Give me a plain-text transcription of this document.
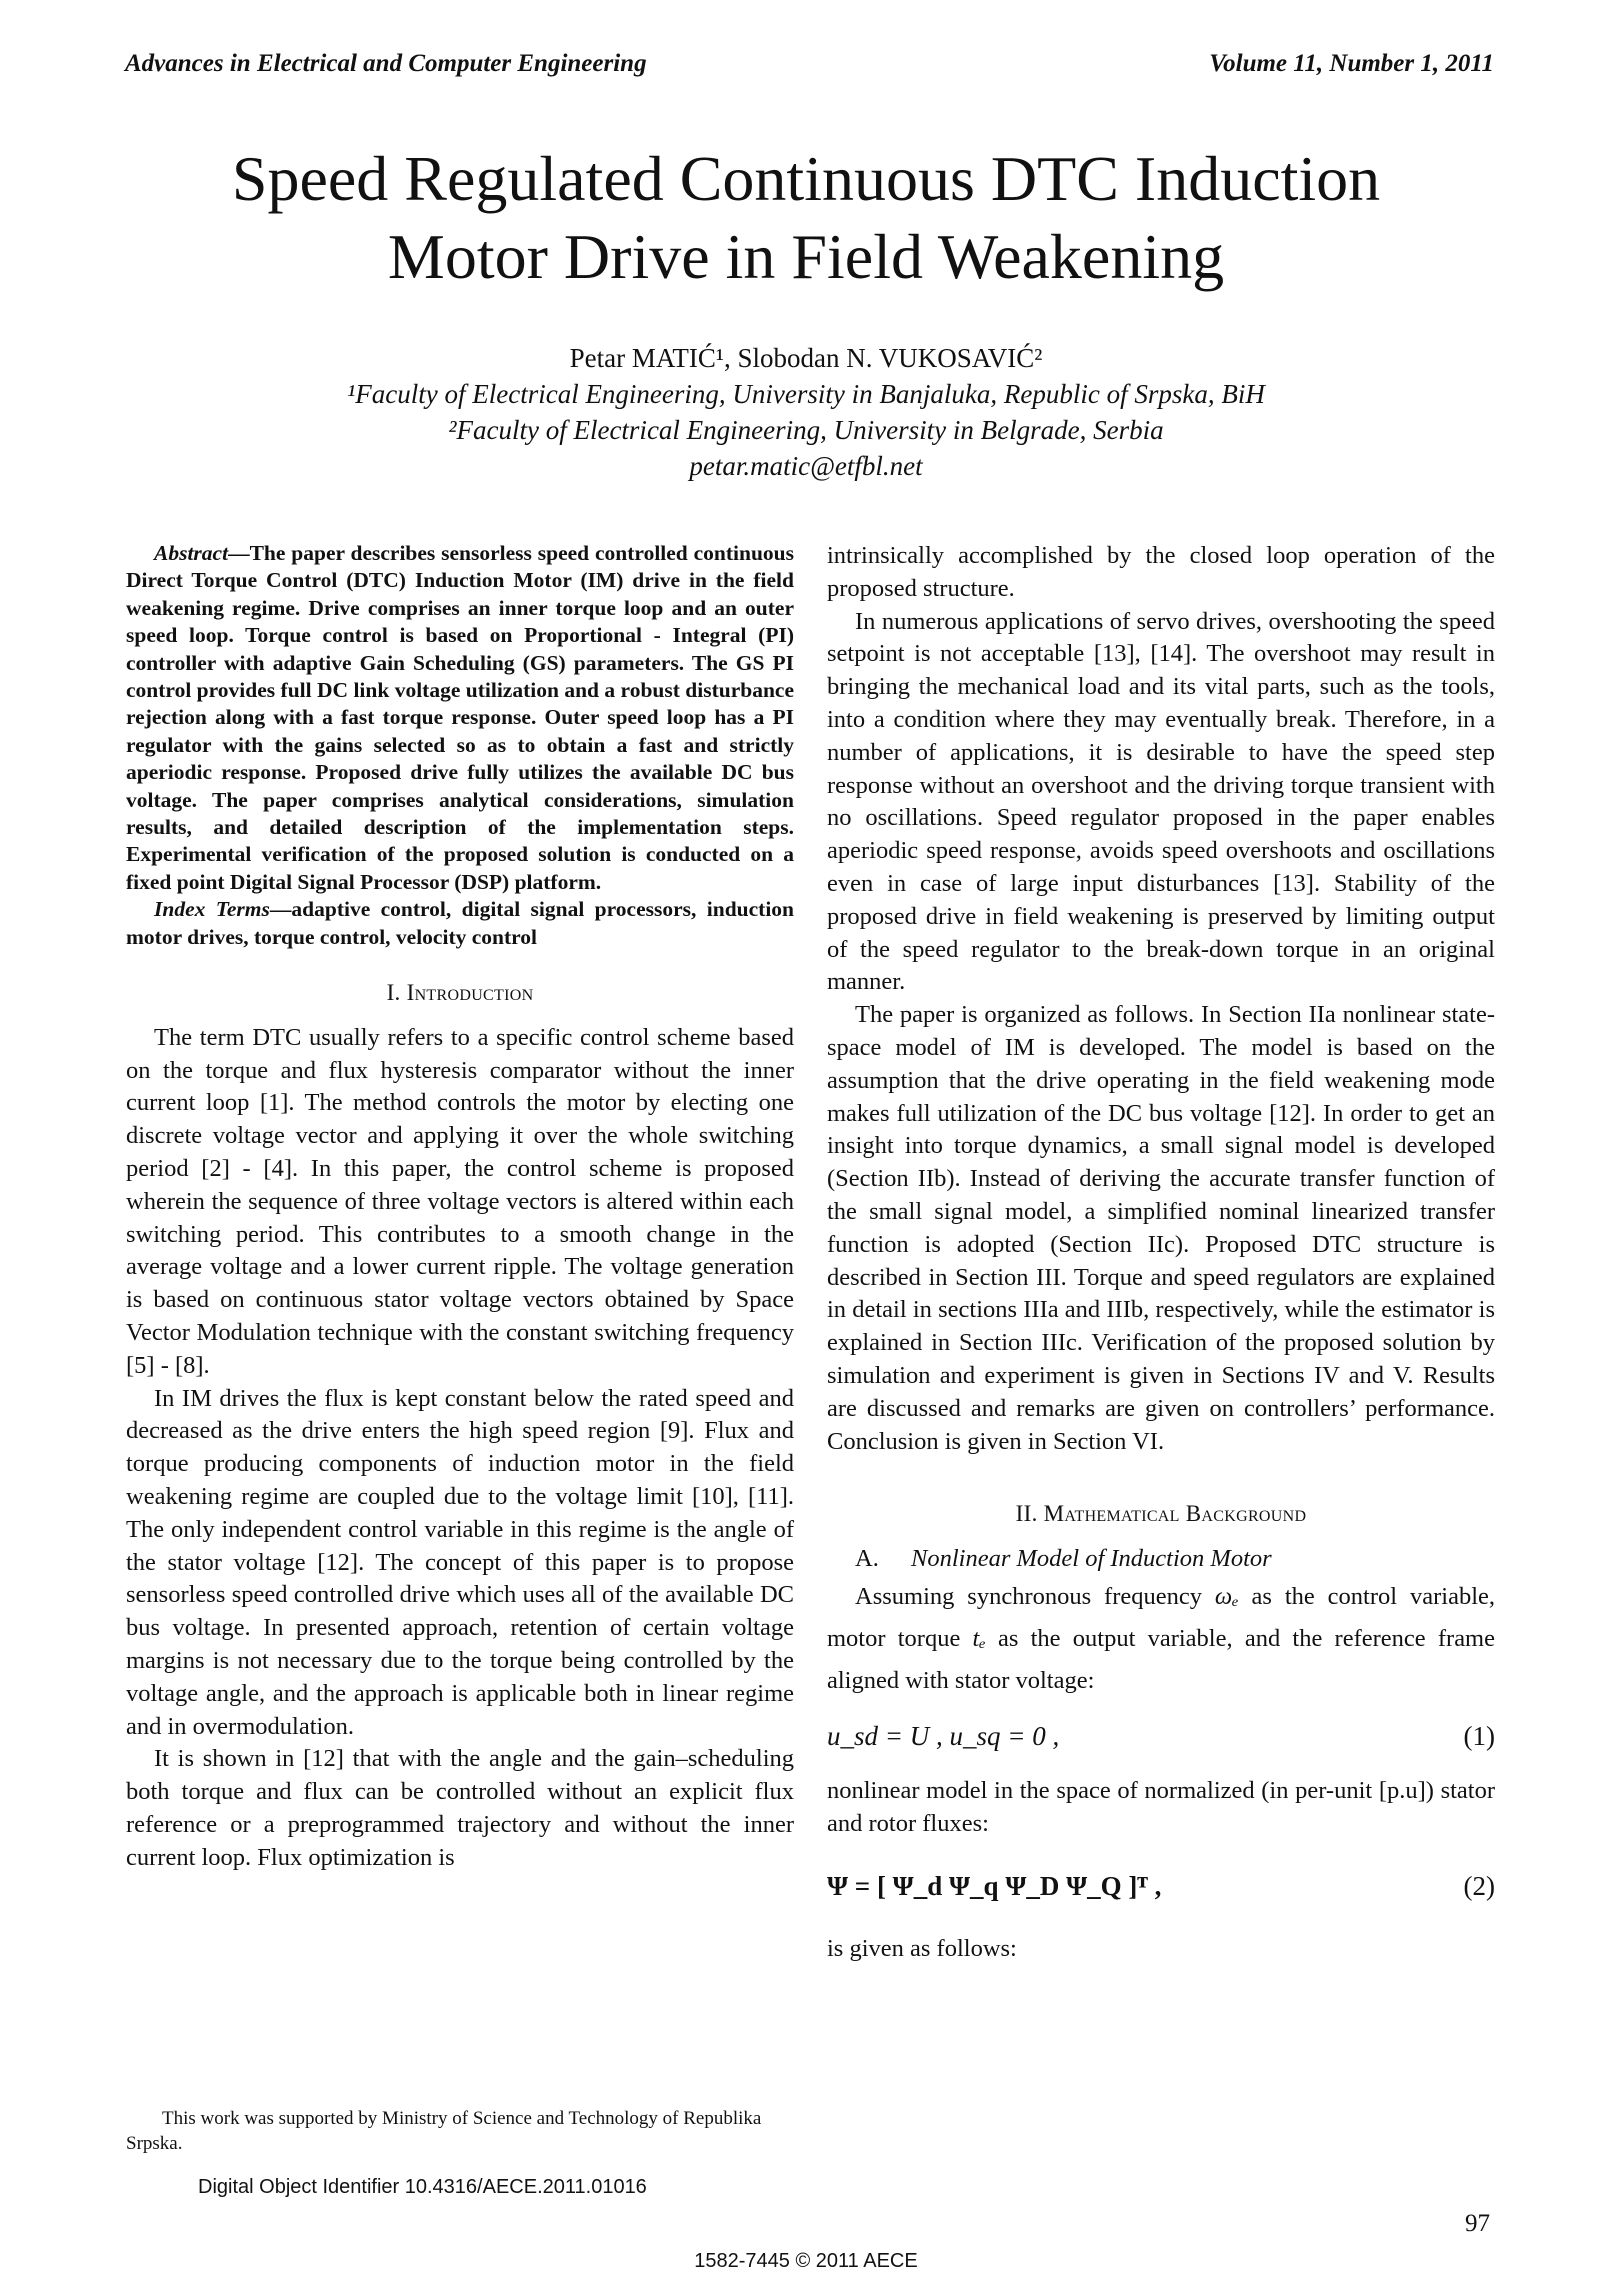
Advances in Electrical and Computer Engineering	Volume 11, Number 1, 2011
Speed Regulated Continuous DTC Induction
Motor Drive in Field Weakening
Petar MATIĆ¹, Slobodan N. VUKOSAVIĆ²
¹Faculty of Electrical Engineering, University in Banjaluka, Republic of Srpska, BiH
²Faculty of Electrical Engineering, University in Belgrade, Serbia
petar.matic@etfbl.net

Abstract—The paper describes sensorless speed controlled continuous Direct Torque Control (DTC) Induction Motor (IM) drive in the field weakening regime. Drive comprises an inner torque loop and an outer speed loop. Torque control is based on Proportional - Integral (PI) controller with adaptive Gain Scheduling (GS) parameters. The GS PI control provides full DC link voltage utilization and a robust disturbance rejection along with a fast torque response. Outer speed loop has a PI regulator with the gains selected so as to obtain a fast and strictly aperiodic response. Proposed drive fully utilizes the available DC bus voltage. The paper comprises analytical considerations, simulation results, and detailed description of the implementation steps. Experimental verification of the proposed solution is conducted on a fixed point Digital Signal Processor (DSP) platform.

Index Terms—adaptive control, digital signal processors, induction motor drives, torque control, velocity control

I. Introduction

The term DTC usually refers to a specific control scheme based on the torque and flux hysteresis comparator without the inner current loop [1]. The method controls the motor by electing one discrete voltage vector and applying it over the whole switching period [2] - [4]. In this paper, the control scheme is proposed wherein the sequence of three voltage vectors is altered within each switching period. This contributes to a smooth change in the average voltage and a lower current ripple. The voltage generation is based on continuous stator voltage vectors obtained by Space Vector Modulation technique with the constant switching frequency [5] - [8].

In IM drives the flux is kept constant below the rated speed and decreased as the drive enters the high speed region [9]. Flux and torque producing components of induction motor in the field weakening regime are coupled due to the voltage limit [10], [11]. The only independent control variable in this regime is the angle of the stator voltage [12]. The concept of this paper is to propose sensorless speed controlled drive which uses all of the available DC bus voltage. In presented approach, retention of certain voltage margins is not necessary due to the torque being controlled by the voltage angle, and the approach is applicable both in linear regime and in overmodulation.

It is shown in [12] that with the angle and the gain–scheduling both torque and flux can be controlled without an explicit flux reference or a preprogrammed trajectory and without the inner current loop. Flux optimization is

intrinsically accomplished by the closed loop operation of the proposed structure.

In numerous applications of servo drives, overshooting the speed setpoint is not acceptable [13], [14]. The overshoot may result in bringing the mechanical load and its vital parts, such as the tools, into a condition where they may eventually break. Therefore, in a number of applications, it is desirable to have the speed step response without an overshoot and the driving torque transient with no oscillations. Speed regulator proposed in the paper enables aperiodic speed response, avoids speed overshoots and oscillations even in case of large input disturbances [13]. Stability of the proposed drive in field weakening is preserved by limiting output of the speed regulator to the break-down torque in an original manner.

The paper is organized as follows. In Section IIa nonlinear state-space model of IM is developed. The model is based on the assumption that the drive operating in the field weakening mode makes full utilization of the DC bus voltage [12]. In order to get an insight into torque dynamics, a small signal model is developed (Section IIb). Instead of deriving the accurate transfer function of the small signal model, a simplified nominal linearized transfer function is adopted (Section IIc). Proposed DTC structure is described in Section III. Torque and speed regulators are explained in detail in sections IIIa and IIIb, respectively, while the estimator is explained in Section IIIc. Verification of the proposed solution by simulation and experiment is given in Sections IV and V. Results are discussed and remarks are given on controllers’ performance. Conclusion is given in Section VI.

II. Mathematical Background

A. Nonlinear Model of Induction Motor

Assuming synchronous frequency ωₑ as the control variable, motor torque tₑ as the output variable, and the reference frame aligned with stator voltage:

u_sd = U , u_sq = 0 ,	(1)

nonlinear model in the space of normalized (in per-unit [p.u]) stator and rotor fluxes:

Ψ = [ Ψ_d Ψ_q Ψ_D Ψ_Q ]ᵀ ,	(2)

is given as follows:

This work was supported by Ministry of Science and Technology of Republika Srpska.
Digital Object Identifier 10.4316/AECE.2011.01016
97
1582-7445 © 2011 AECE
